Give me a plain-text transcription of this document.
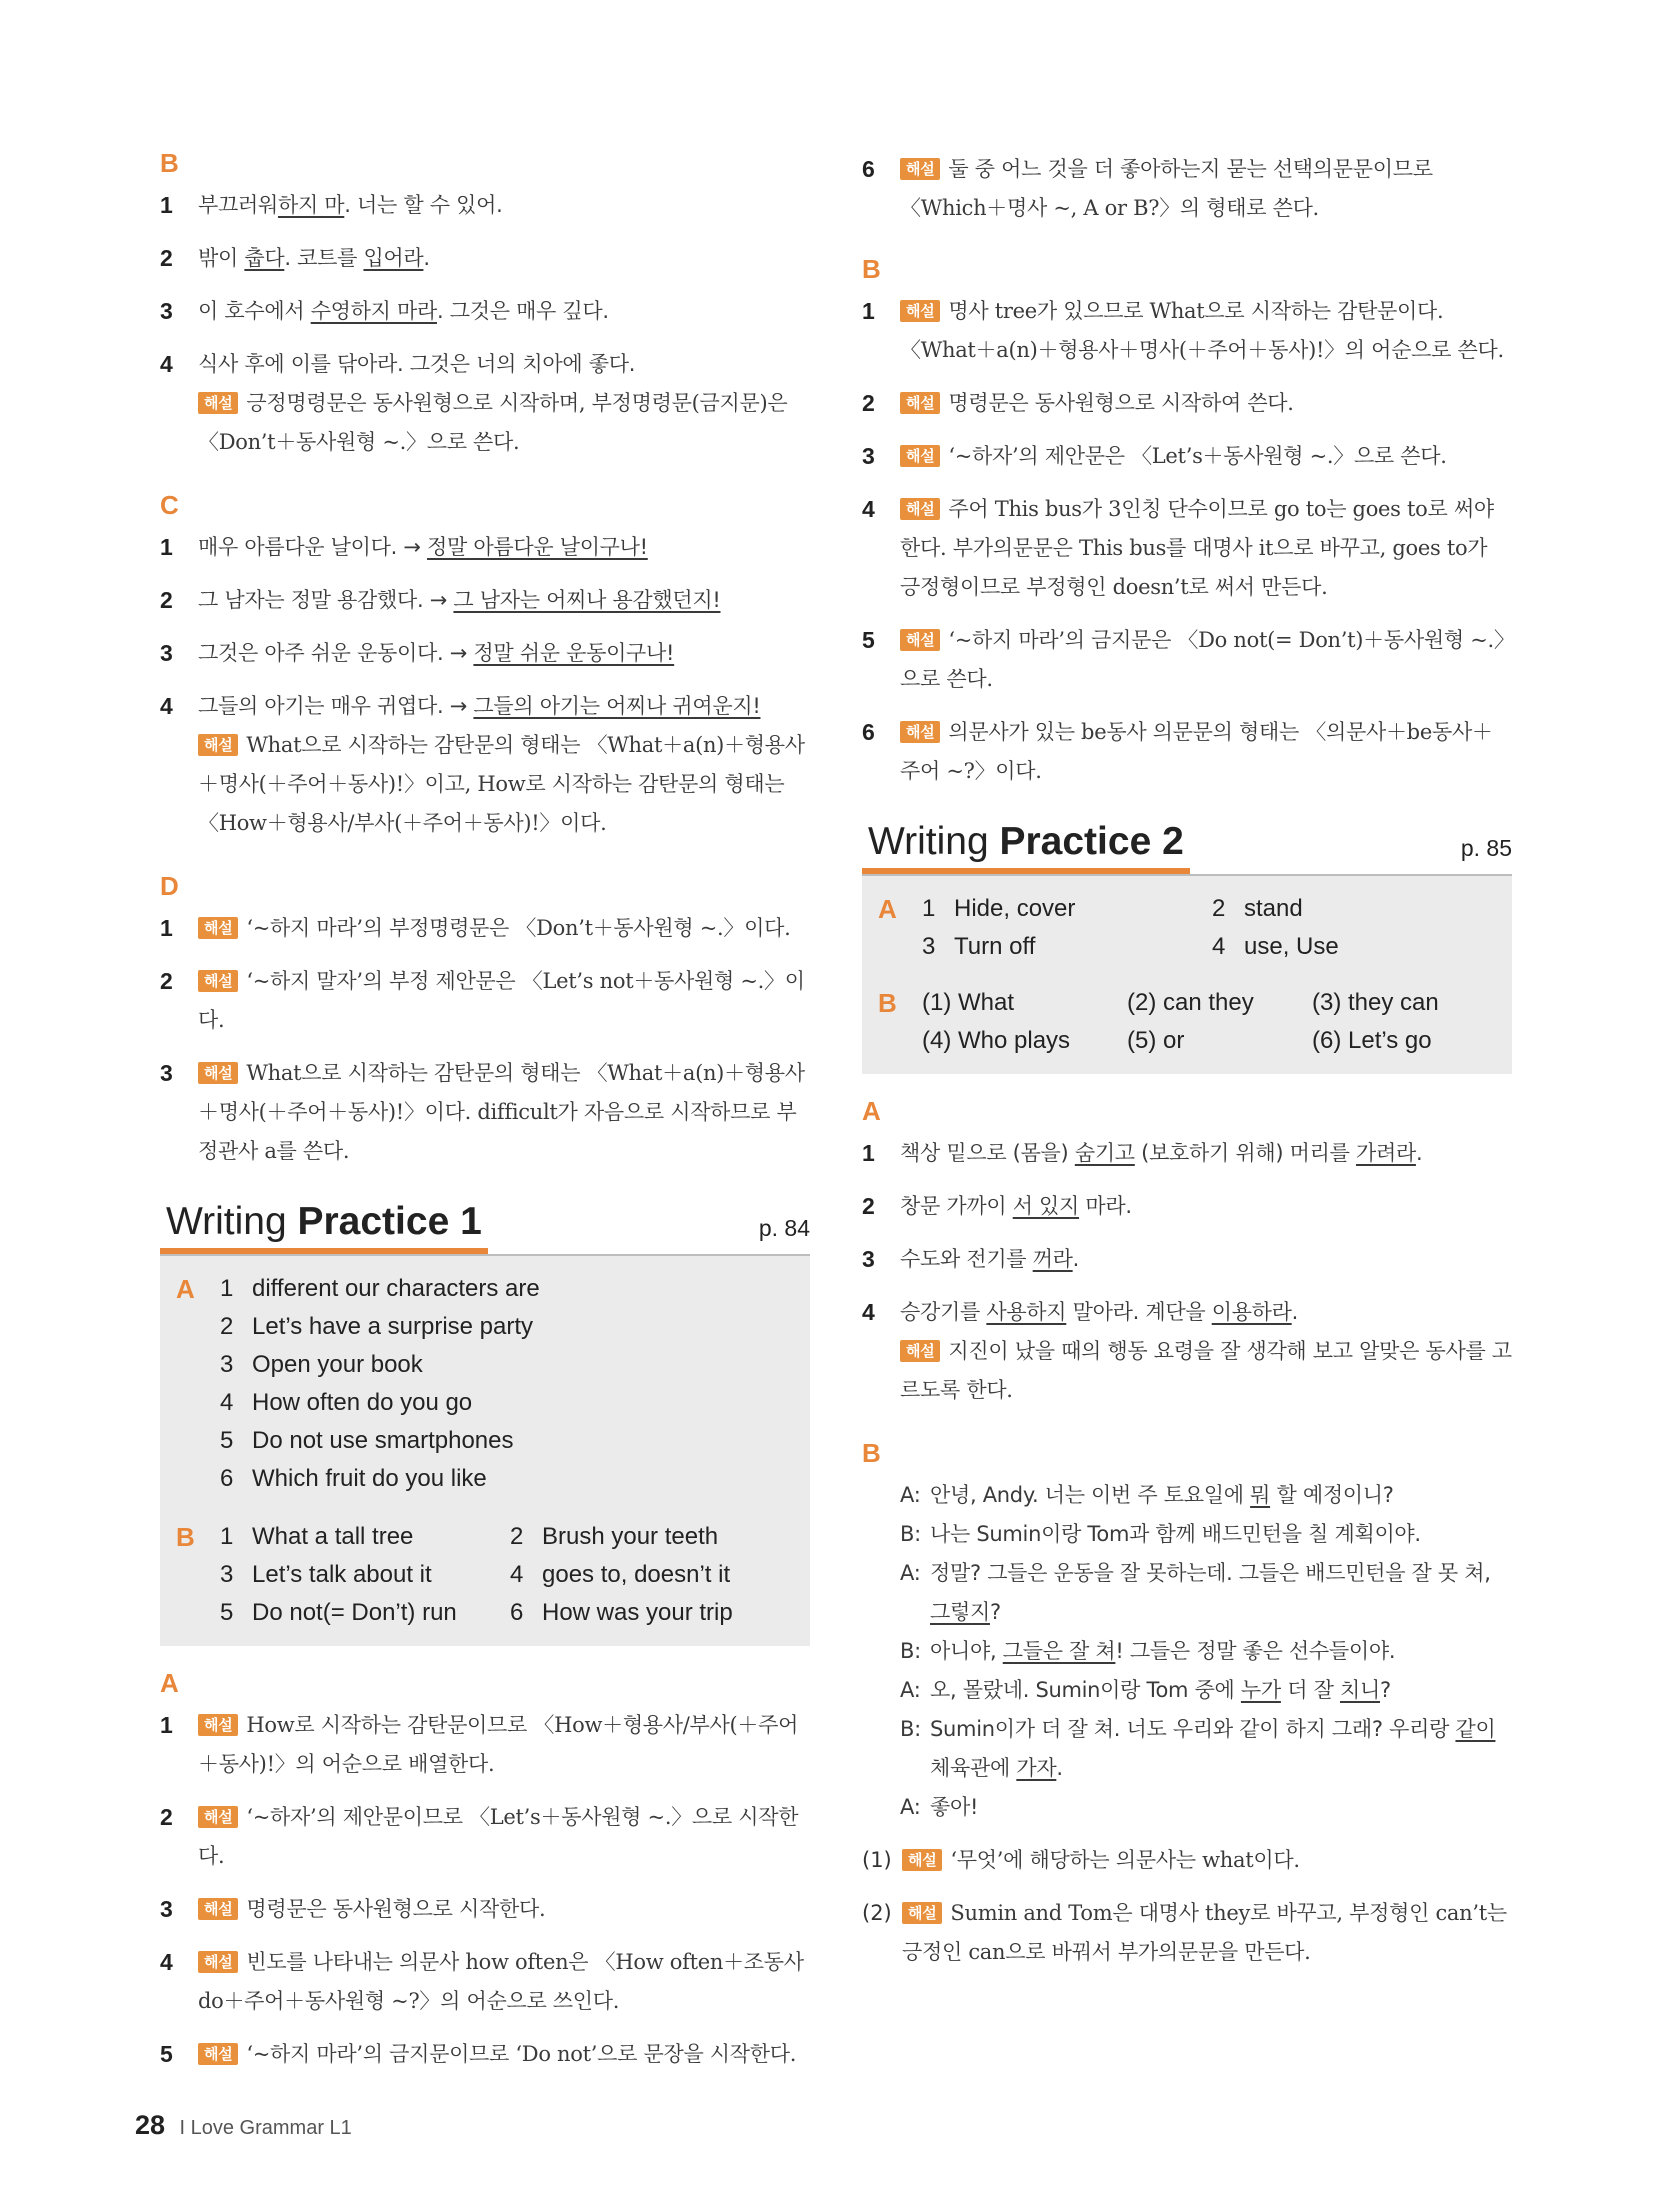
B
1	부끄러워하지 마. 너는 할 수 있어.
2	밖이 춥다. 코트를 입어라.
3	이 호수에서 수영하지 마라. 그것은 매우 깊다.
4	식사 후에 이를 닦아라. 그것은 너의 치아에 좋다.
해설 긍정명령문은 동사원형으로 시작하며, 부정명령문(금지문)은 〈Don’t＋동사원형 ~.〉으로 쓴다.
C
1	매우 아름다운 날이다. → 정말 아름다운 날이구나!
2	그 남자는 정말 용감했다. → 그 남자는 어찌나 용감했던지!
3	그것은 아주 쉬운 운동이다. → 정말 쉬운 운동이구나!
4	그들의 아기는 매우 귀엽다. → 그들의 아기는 어찌나 귀여운지!
해설 What으로 시작하는 감탄문의 형태는 〈What＋a(n)＋형용사＋명사(＋주어＋동사)!〉이고, How로 시작하는 감탄문의 형태는 〈How＋형용사/부사(＋주어＋동사)!〉이다.
D
1	해설 ‘~하지 마라’의 부정명령문은 〈Don’t＋동사원형 ~.〉이다.
2	해설 ‘~하지 말자’의 부정 제안문은 〈Let’s not＋동사원형 ~.〉이다.
3	해설 What으로 시작하는 감탄문의 형태는 〈What＋a(n)＋형용사＋명사(＋주어＋동사)!〉이다. difficult가 자음으로 시작하므로 부정관사 a를 쓴다.
Writing Practice 1	p. 84
A	1 different our characters are
2 Let’s have a surprise party
3 Open your book
4 How often do you go
5 Do not use smartphones
6 Which fruit do you like
B	1 What a tall tree	2 Brush your teeth
3 Let’s talk about it	4 goes to, doesn’t it
5 Do not(= Don’t) run 6 How was your trip
A
1	해설 How로 시작하는 감탄문이므로 〈How＋형용사/부사(＋주어＋동사)!〉의 어순으로 배열한다.
2	해설 ‘~하자’의 제안문이므로 〈Let’s＋동사원형 ~.〉으로 시작한다.
3	해설 명령문은 동사원형으로 시작한다.
4	해설 빈도를 나타내는 의문사 how often은 〈How often＋조동사 do＋주어＋동사원형 ~?〉의 어순으로 쓰인다.
5	해설 ‘~하지 마라’의 금지문이므로 ‘Do not’으로 문장을 시작한다.
6	해설 둘 중 어느 것을 더 좋아하는지 묻는 선택의문문이므로 〈Which＋명사 ~, A or B?〉의 형태로 쓴다.
B
1	해설 명사 tree가 있으므로 What으로 시작하는 감탄문이다. 〈What＋a(n)＋형용사＋명사(＋주어＋동사)!〉의 어순으로 쓴다.
2	해설 명령문은 동사원형으로 시작하여 쓴다.
3	해설 ‘~하자’의 제안문은 〈Let’s＋동사원형 ~.〉으로 쓴다.
4	해설 주어 This bus가 3인칭 단수이므로 go to는 goes to로 써야 한다. 부가의문문은 This bus를 대명사 it으로 바꾸고, goes to가 긍정형이므로 부정형인 doesn’t로 써서 만든다.
5	해설 ‘~하지 마라’의 금지문은 〈Do not(= Don’t)＋동사원형 ~.〉으로 쓴다.
6	해설 의문사가 있는 be동사 의문문의 형태는 〈의문사＋be동사＋주어 ~?〉이다.
Writing Practice 2	p. 85
A	1 Hide, cover	2 stand
3 Turn off	4 use, Use
B	(1) What	(2) can they (3) they can
(4) Who plays (5) or	(6) Let’s go
A
1	책상 밑으로 (몸을) 숨기고 (보호하기 위해) 머리를 가려라.
2	창문 가까이 서 있지 마라.
3	수도와 전기를 꺼라.
4	승강기를 사용하지 말아라. 계단을 이용하라.
해설 지진이 났을 때의 행동 요령을 잘 생각해 보고 알맞은 동사를 고르도록 한다.
B
A: 안녕, Andy. 너는 이번 주 토요일에 뭐 할 예정이니?
B: 나는 Sumin이랑 Tom과 함께 배드민턴을 칠 계획이야.
A: 정말? 그들은 운동을 잘 못하는데. 그들은 배드민턴을 잘 못 쳐, 그렇지?
B: 아니야, 그들은 잘 쳐! 그들은 정말 좋은 선수들이야.
A: 오, 몰랐네. Sumin이랑 Tom 중에 누가 더 잘 치니?
B: Sumin이가 더 잘 쳐. 너도 우리와 같이 하지 그래? 우리랑 같이 체육관에 가자.
A: 좋아!
(1)	해설 ‘무엇’에 해당하는 의문사는 what이다.
(2)	해설 Sumin and Tom은 대명사 they로 바꾸고, 부정형인 can’t는 긍정인 can으로 바꿔서 부가의문문을 만든다.
28 I Love Grammar L1
